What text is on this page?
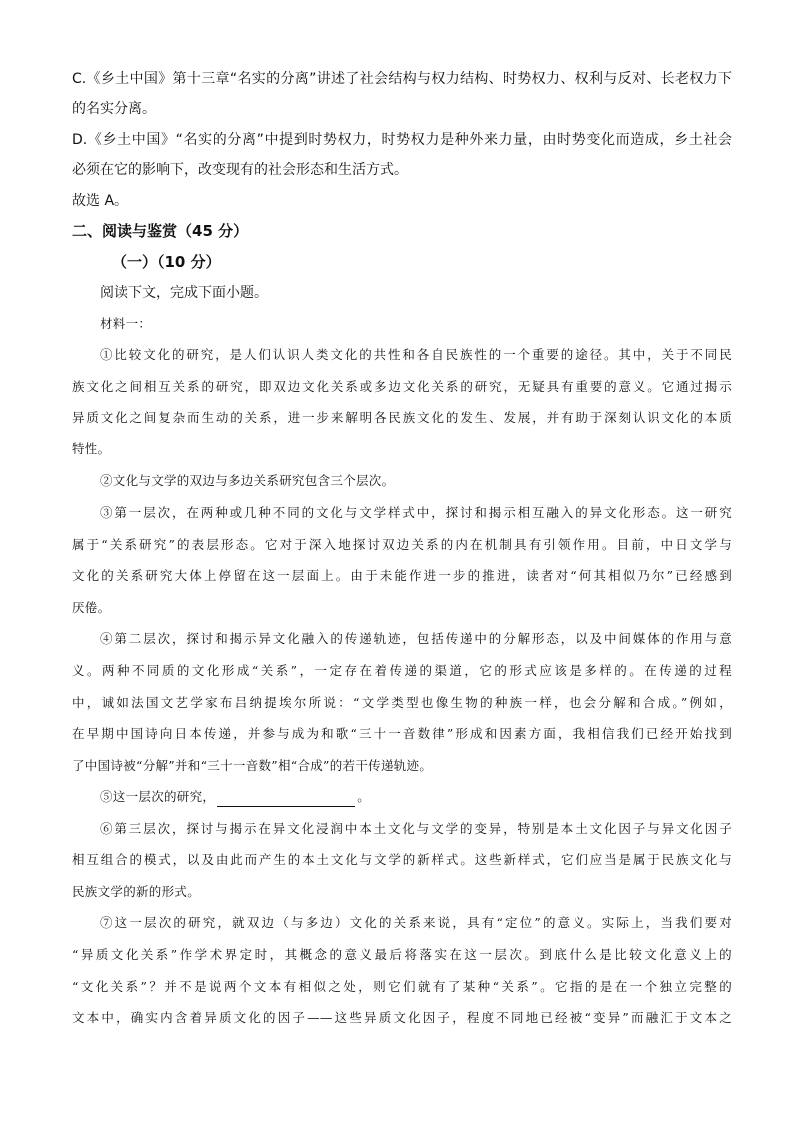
C.《乡土中国》第十三章“名实的分离”讲述了社会结构与权力结构、时势权力、权利与反对、长老权力下
的名实分离。
D.《乡土中国》“名实的分离”中提到时势权力，时势权力是种外来力量，由时势变化而造成，乡土社会
必须在它的影响下，改变现有的社会形态和生活方式。
故选 A。
二、阅读与鉴赏（45 分）
（一）（10 分）
阅读下文，完成下面小题。
材料一：
①比较文化的研究，是人们认识人类文化的共性和各自民族性的一个重要的途径。其中，关于不同民
族文化之间相互关系的研究，即双边文化关系或多边文化关系的研究，无疑具有重要的意义。它通过揭示
异质文化之间复杂而生动的关系，进一步来解明各民族文化的发生、发展，并有助于深刻认识文化的本质
特性。
②文化与文学的双边与多边关系研究包含三个层次。
③第一层次，在两种或几种不同的文化与文学样式中，探讨和揭示相互融入的异文化形态。这一研究
属于“关系研究”的表层形态。它对于深入地探讨双边关系的内在机制具有引领作用。目前，中日文学与
文化的关系研究大体上停留在这一层面上。由于未能作进一步的推进，读者对“何其相似乃尔”已经感到
厌倦。
④第二层次，探讨和揭示异文化融入的传递轨迹，包括传递中的分解形态，以及中间媒体的作用与意
义。两种不同质的文化形成“关系”，一定存在着传递的渠道，它的形式应该是多样的。在传递的过程
中，诚如法国文艺学家布吕纳提埃尔所说：“文学类型也像生物的种族一样，也会分解和合成。”例如，
在早期中国诗向日本传递，并参与成为和歌“三十一音数律”形成和因素方面，我相信我们已经开始找到
了中国诗被“分解”并和“三十一音数”相“合成”的若干传递轨迹。
⑤这一层次的研究，	。
⑥第三层次，探讨与揭示在异文化浸润中本土文化与文学的变异，特别是本土文化因子与异文化因子
相互组合的模式，以及由此而产生的本土文化与文学的新样式。这些新样式，它们应当是属于民族文化与
民族文学的新的形式。
⑦这一层次的研究，就双边（与多边）文化的关系来说，具有“定位”的意义。实际上，当我们要对
“异质文化关系”作学术界定时，其概念的意义最后将落实在这一层次。到底什么是比较文化意义上的
“文化关系”？并不是说两个文本有相似之处，则它们就有了某种“关系”。它指的是在一个独立完整的
文本中，确实内含着异质文化的因子——这些异质文化因子，程度不同地已经被“变异”而融汇于文本之
